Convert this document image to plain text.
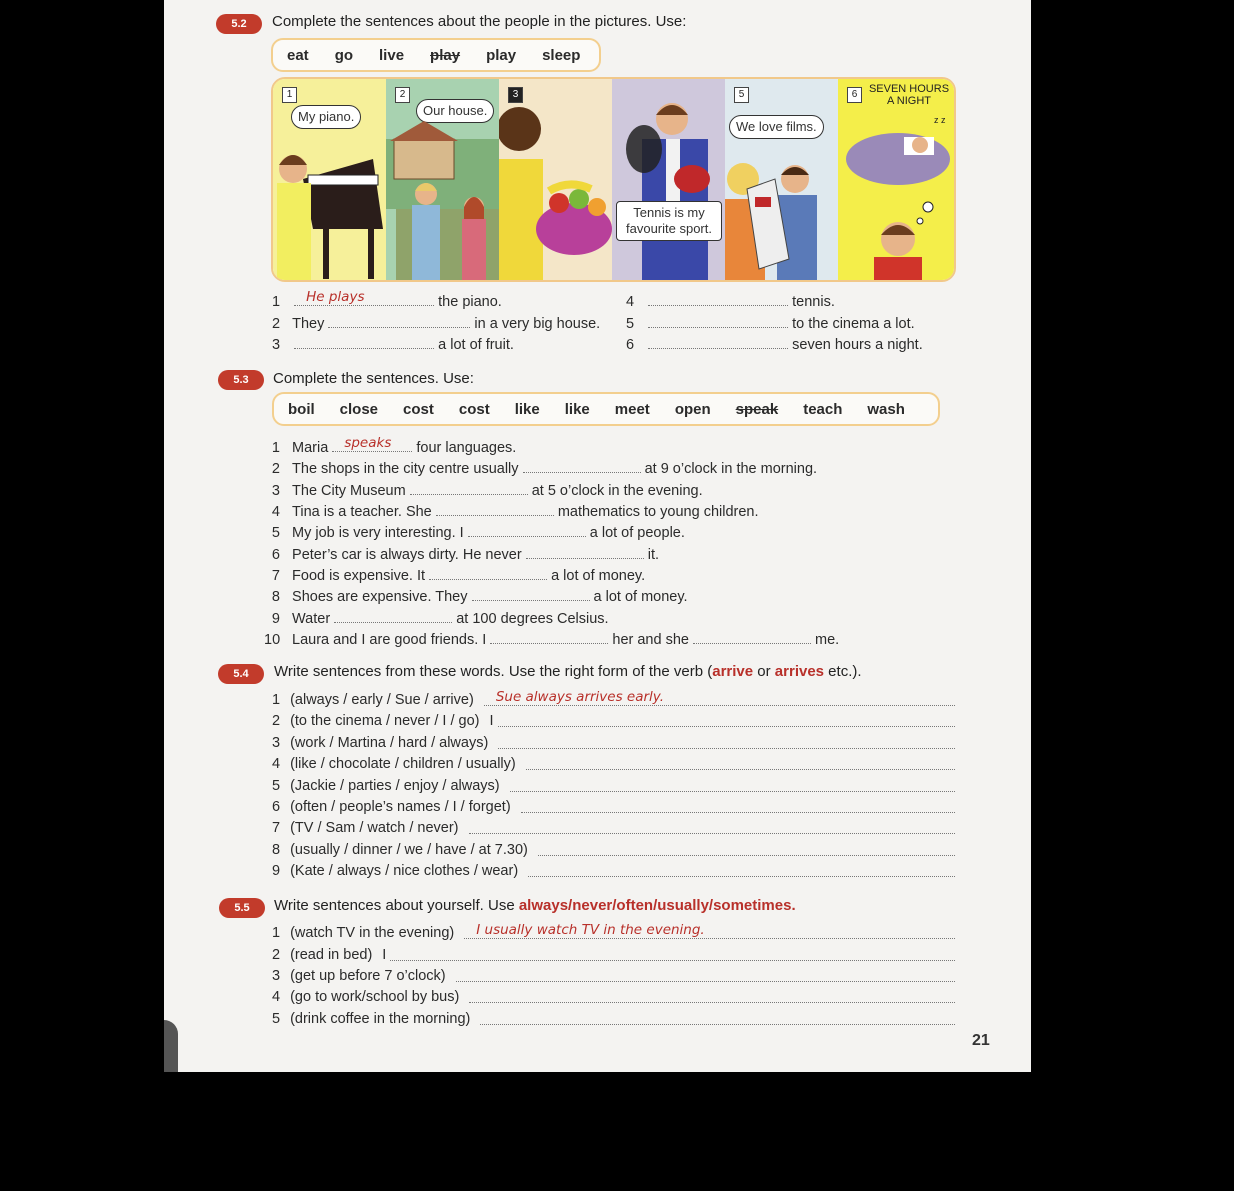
5.2	Complete the sentences about the people in the pictures. Use:
eat go live play play sleep
1
My piano.
2
Our house.
3
Tennis is my favourite sport.
5
We love films.
6	SEVEN HOURS A NIGHT
z z
1 He plays	the piano.
2 They	in a very big house.
3	a lot of fruit.
4	tennis.
5	to the cinema a lot.
6	seven hours a night.
5.3	Complete the sentences. Use:
boil close cost cost like like meet open speak teach wash
1 Maria speaks four languages.
2 The shops in the city centre usually	at 9 o’clock in the morning.
3 The City Museum	at 5 o’clock in the evening.
4 Tina is a teacher. She	mathematics to young children.
5 My job is very interesting. I	a lot of people.
6 Peter’s car is always dirty. He never	it.
7 Food is expensive. It	a lot of money.
8 Shoes are expensive. They	a lot of money.
9 Water	at 100 degrees Celsius.
10 Laura and I are good friends. I	her and she	me.
5.4	Write sentences from these words. Use the right form of the verb (arrive or arrives etc.).
1 (always / early / Sue / arrive) Sue always arrives early.
2 (to the cinema / never / I / go) I
3 (work / Martina / hard / always)
4 (like / chocolate / children / usually)
5 (Jackie / parties / enjoy / always)
6 (often / people’s names / I / forget)
7 (TV / Sam / watch / never)
8 (usually / dinner / we / have / at 7.30)
9 (Kate / always / nice clothes / wear)
5.5	Write sentences about yourself. Use always/never/often/usually/sometimes.
1 (watch TV in the evening) I usually watch TV in the evening.
2 (read in bed) I
3 (get up before 7 o’clock)
4 (go to work/school by bus)
5 (drink coffee in the morning)
21
